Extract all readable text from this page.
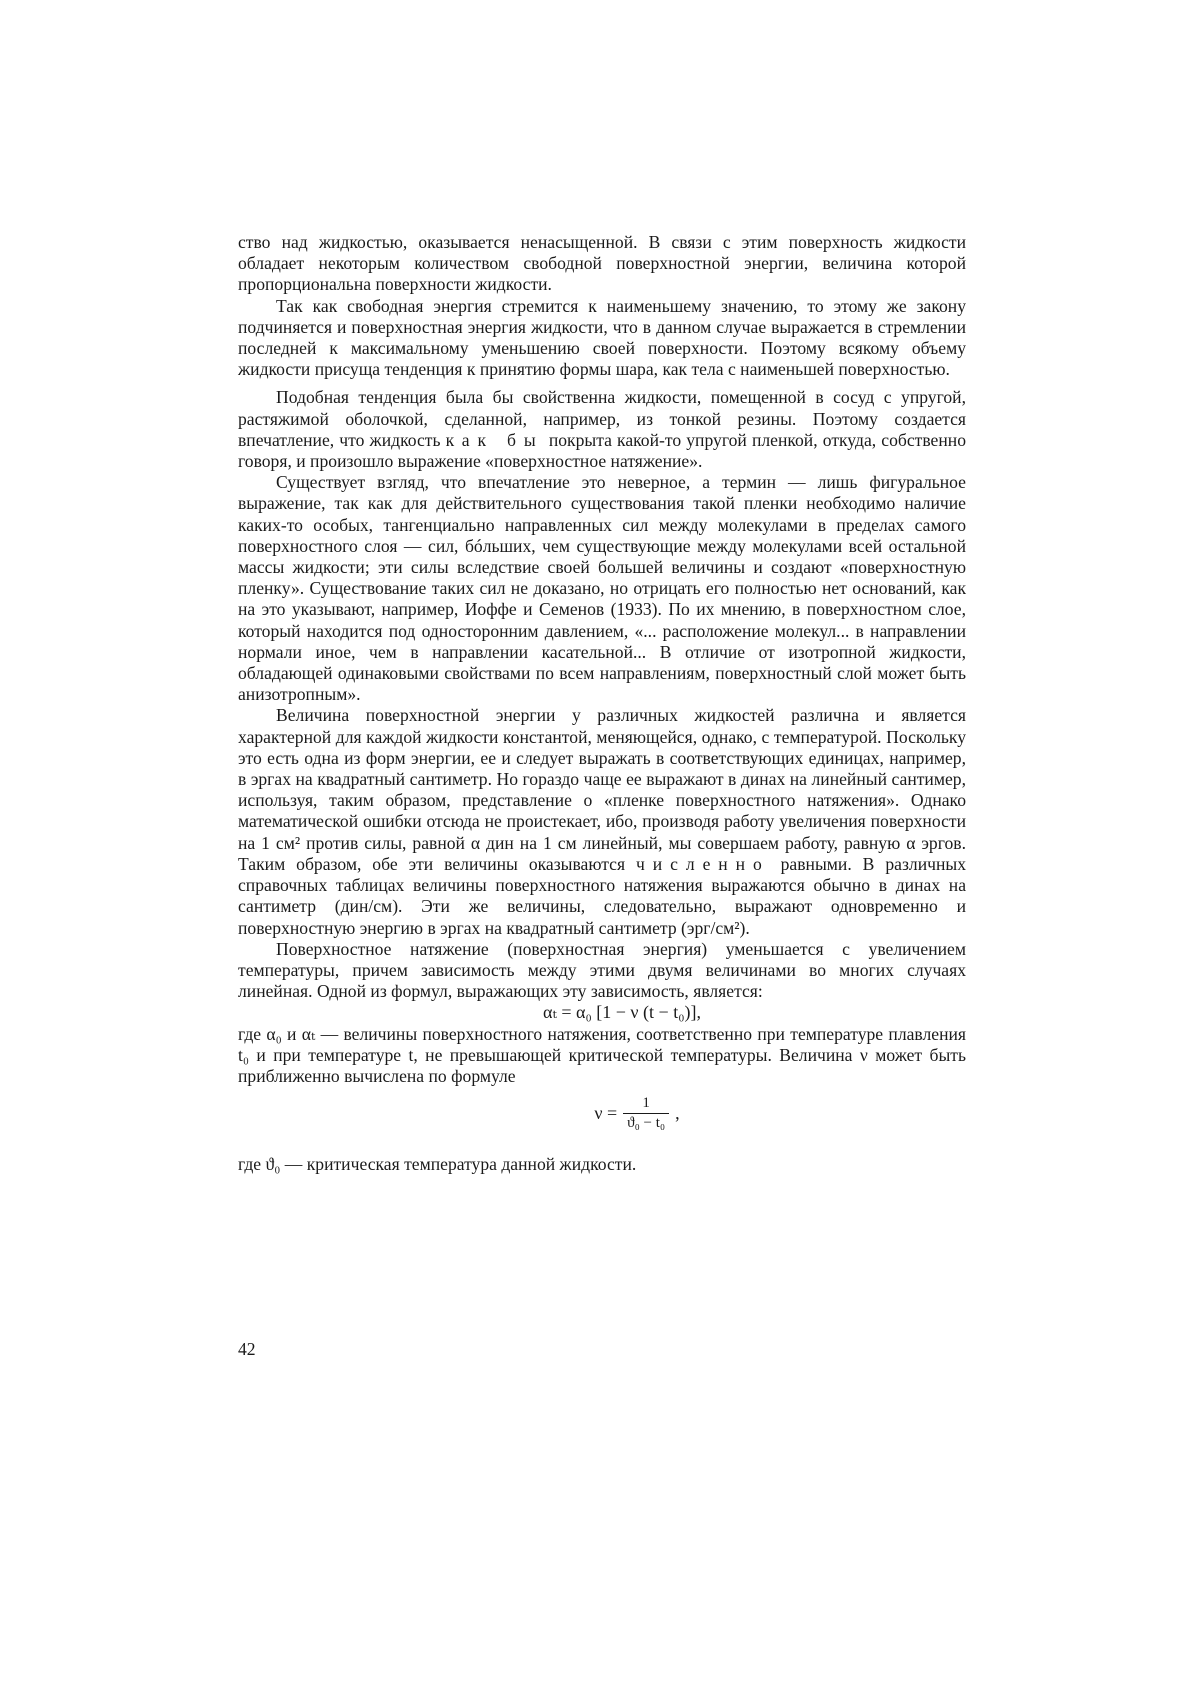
ство над жидкостью, оказывается ненасыщенной. В связи с этим поверхность жидкости обладает некоторым количеством свободной поверхностной энергии, величина которой пропорциональна поверхности жидкости.

Так как свободная энергия стремится к наименьшему значению, то этому же закону подчиняется и поверхностная энергия жидкости, что в данном случае выражается в стремлении последней к максимальному уменьшению своей поверхности. Поэтому всякому объему жидкости присуща тенденция к принятию формы шара, как тела с наименьшей поверхностью.

Подобная тенденция была бы свойственна жидкости, помещенной в сосуд с упругой, растяжимой оболочкой, сделанной, например, из тонкой резины. Поэтому создается впечатление, что жидкость как бы покрыта какой-то упругой пленкой, откуда, собственно говоря, и произошло выражение «поверхностное натяжение».

Существует взгляд, что впечатление это неверное, а термин — лишь фигуральное выражение, так как для действительного существования такой пленки необходимо наличие каких-то особых, тангенциально направленных сил между молекулами в пределах самого поверхностного слоя — сил, бóльших, чем существующие между молекулами всей остальной массы жидкости; эти силы вследствие своей большей величины и создают «поверхностную пленку». Существование таких сил не доказано, но отрицать его полностью нет оснований, как на это указывают, например, Иоффе и Семенов (1933). По их мнению, в поверхностном слое, который находится под односторонним давлением, «... расположение молекул... в направлении нормали иное, чем в направлении касательной... В отличие от изотропной жидкости, обладающей одинаковыми свойствами по всем направлениям, поверхностный слой может быть анизотропным».

Величина поверхностной энергии у различных жидкостей различна и является характерной для каждой жидкости константой, меняющейся, однако, с температурой. Поскольку это есть одна из форм энергии, ее и следует выражать в соответствующих единицах, например, в эргах на квадратный сантиметр. Но гораздо чаще ее выражают в динах на линейный сантимер, используя, таким образом, представление о «пленке поверхностного натяжения». Однако математической ошибки отсюда не проистекает, ибо, производя работу увеличения поверхности на 1 см² против силы, равной α дин на 1 см линейный, мы совершаем работу, равную α эргов. Таким образом, обе эти величины оказываются численно равными. В различных справочных таблицах величины поверхностного натяжения выражаются обычно в динах на сантиметр (дин/см). Эти же величины, следовательно, выражают одновременно и поверхностную энергию в эргах на квадратный сантиметр (эрг/см²).

Поверхностное натяжение (поверхностная энергия) уменьшается с увеличением температуры, причем зависимость между этими двумя величинами во многих случаях линейная. Одной из формул, выражающих эту зависимость, является:

αₜ = α₀ [1 − ν (t − t₀)],

где α₀ и αₜ — величины поверхностного натяжения, соответственно при температуре плавления t₀ и при температуре t, не превышающей критической температуры. Величина ν может быть приближенно вычислена по формуле

$\nu = \frac{1}{\text{ϑ₀ − t₀}}$ ,

где ϑ₀ — критическая температура данной жидкости.

42
